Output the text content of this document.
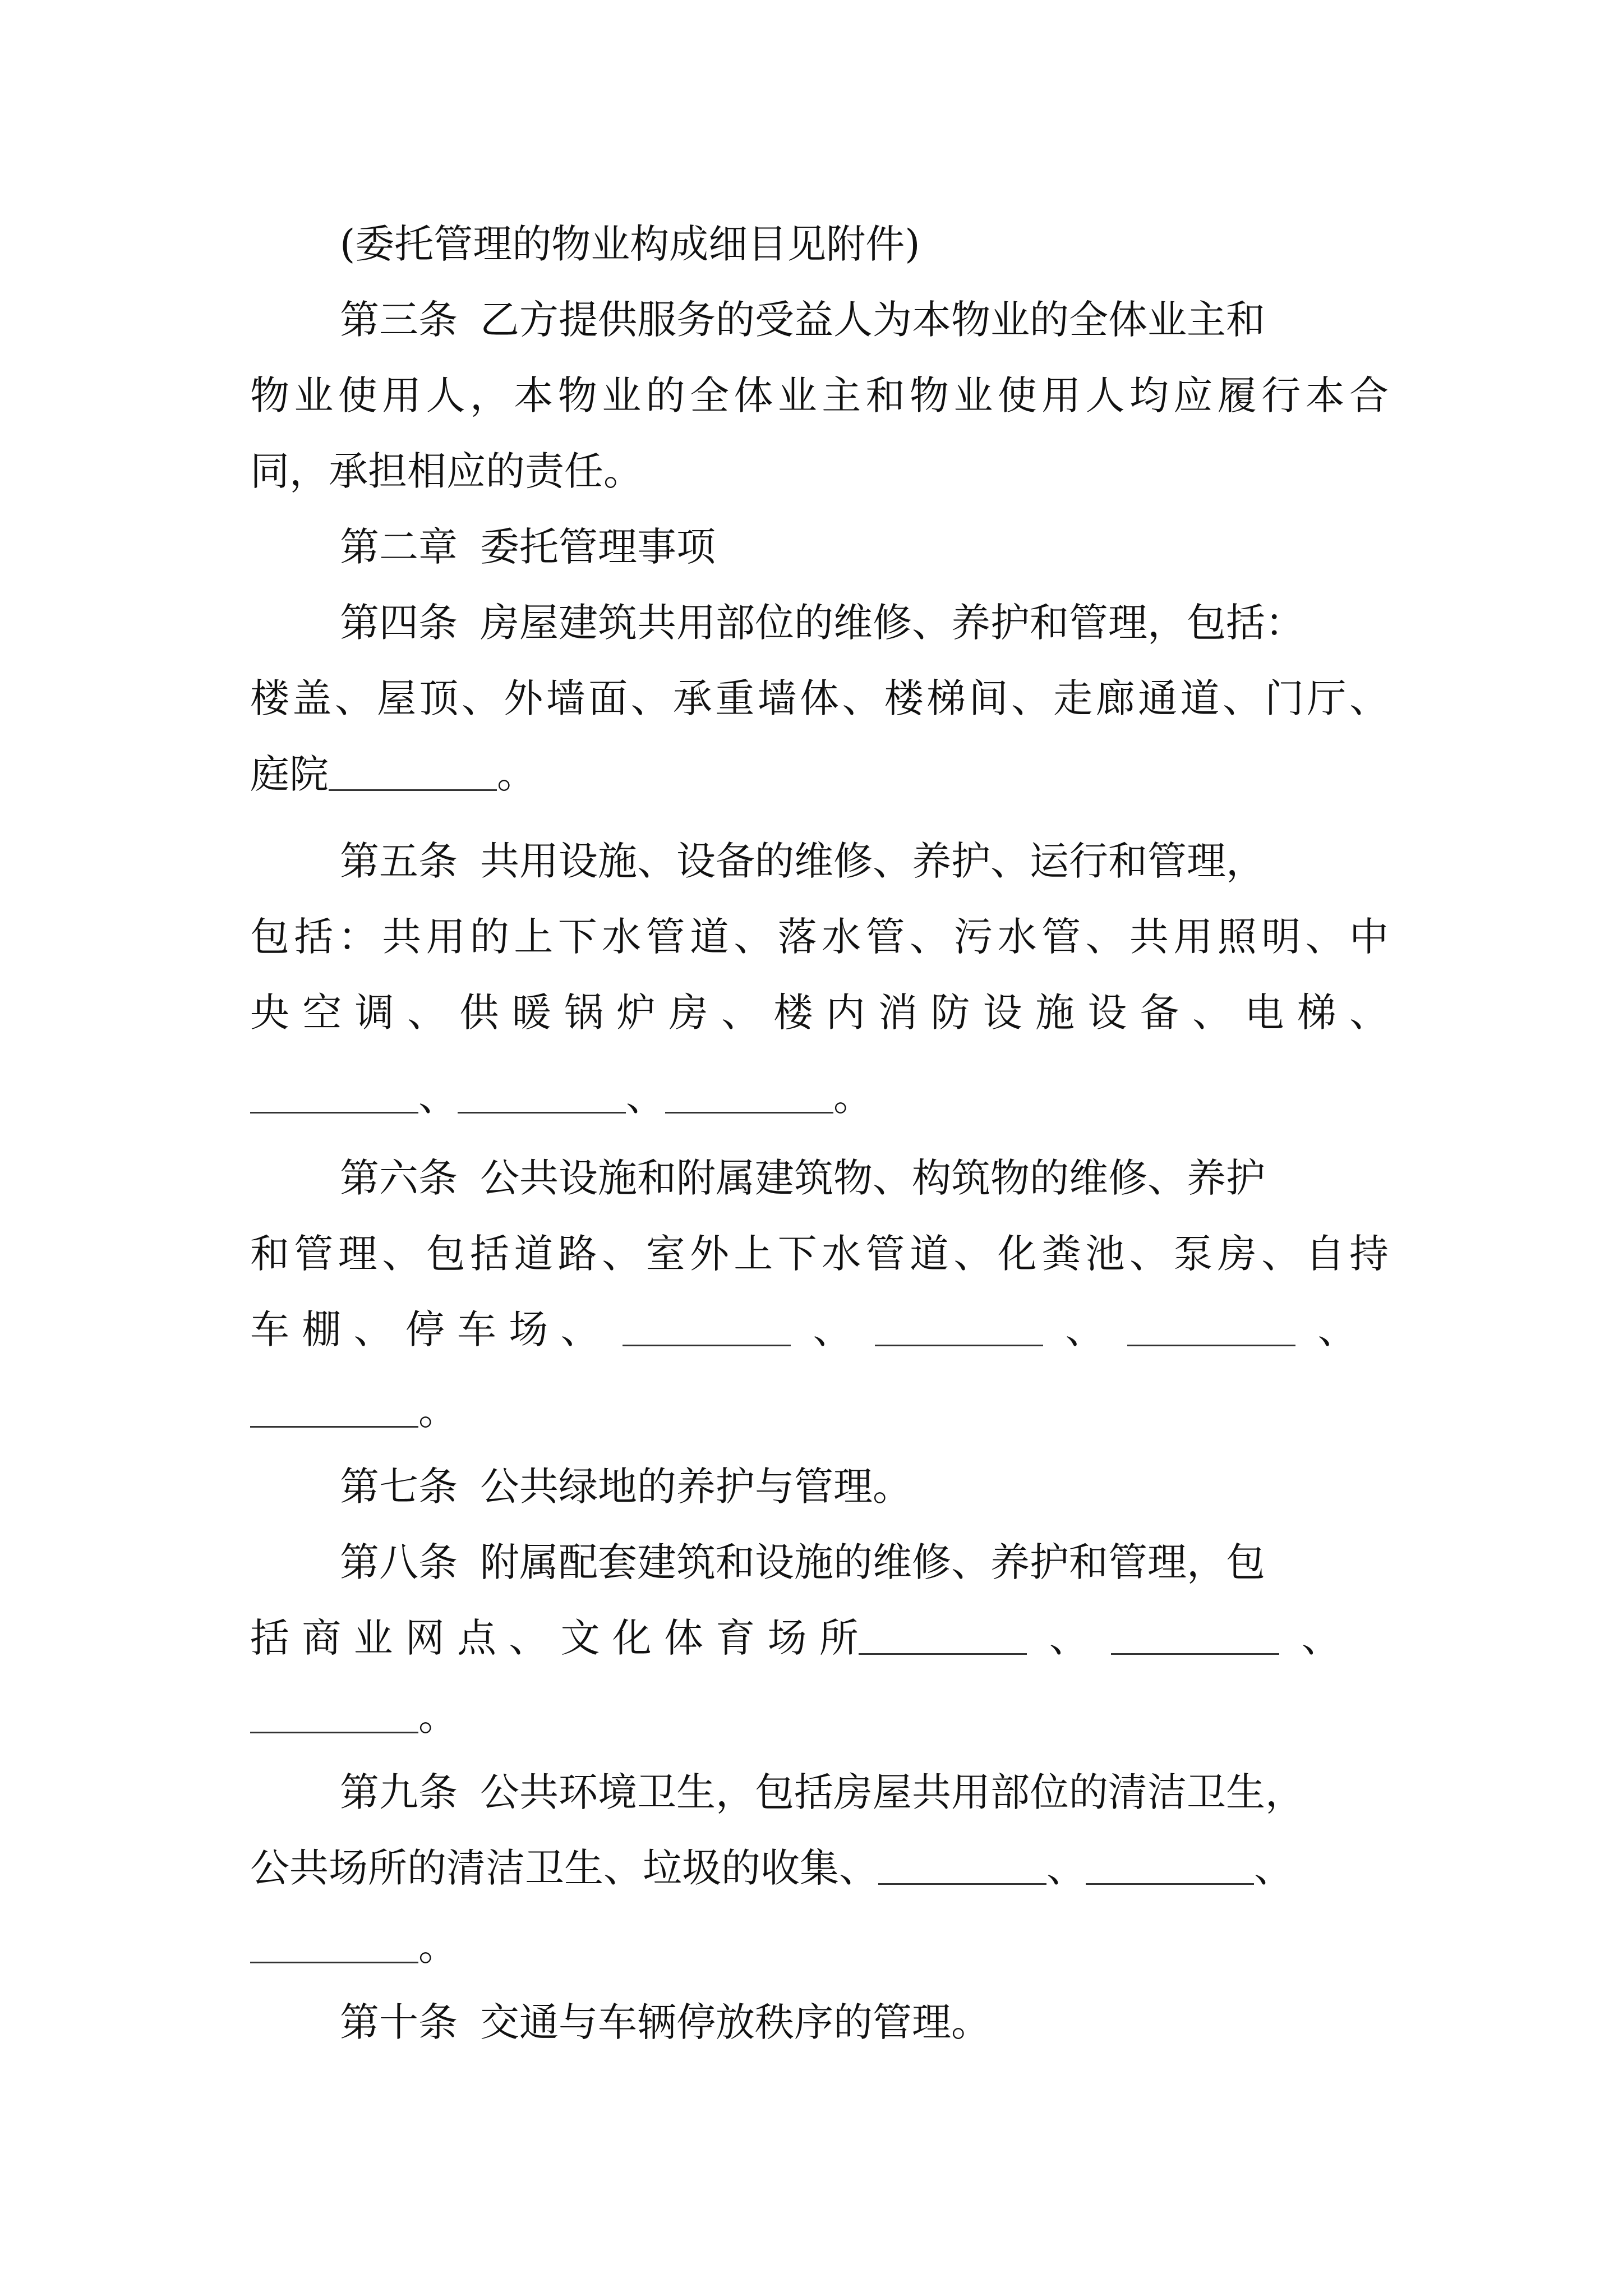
(委托管理的物业构成细目见附件)
第三条 乙方提供服务的受益人为本物业的全体业主和
物业使用人，本物业的全体业主和物业使用人均应履行本合
同，承担相应的责任。
第二章 委托管理事项
第四条 房屋建筑共用部位的维修、养护和管理，包括：
楼盖、屋顶、外墙面、承重墙体、楼梯间、走廊通道、门厅、
庭院	。
第五条 共用设施、设备的维修、养护、运行和管理，
包括：共用的上下水管道、落水管、污水管、共用照明、中
央 空 调 、 供 暖 锅 炉 房 、 楼 内 消 防 设 施 设 备 、 电 梯 、
、	、	。
第六条 公共设施和附属建筑物、构筑物的维修、养护
和管理、包括道路、室外上下水管道、化粪池、泵房、自持
车 棚 、 停 车 场 、	、	、	、
。
第七条 公共绿地的养护与管理。
第八条 附属配套建筑和设施的维修、养护和管理，包
括 商 业 网 点 、 文 化 体 育 场 所	、	、
。
第九条 公共环境卫生，包括房屋共用部位的清洁卫生，
公共场所的清洁卫生、垃圾的收集、	、	、
。
第十条 交通与车辆停放秩序的管理。
